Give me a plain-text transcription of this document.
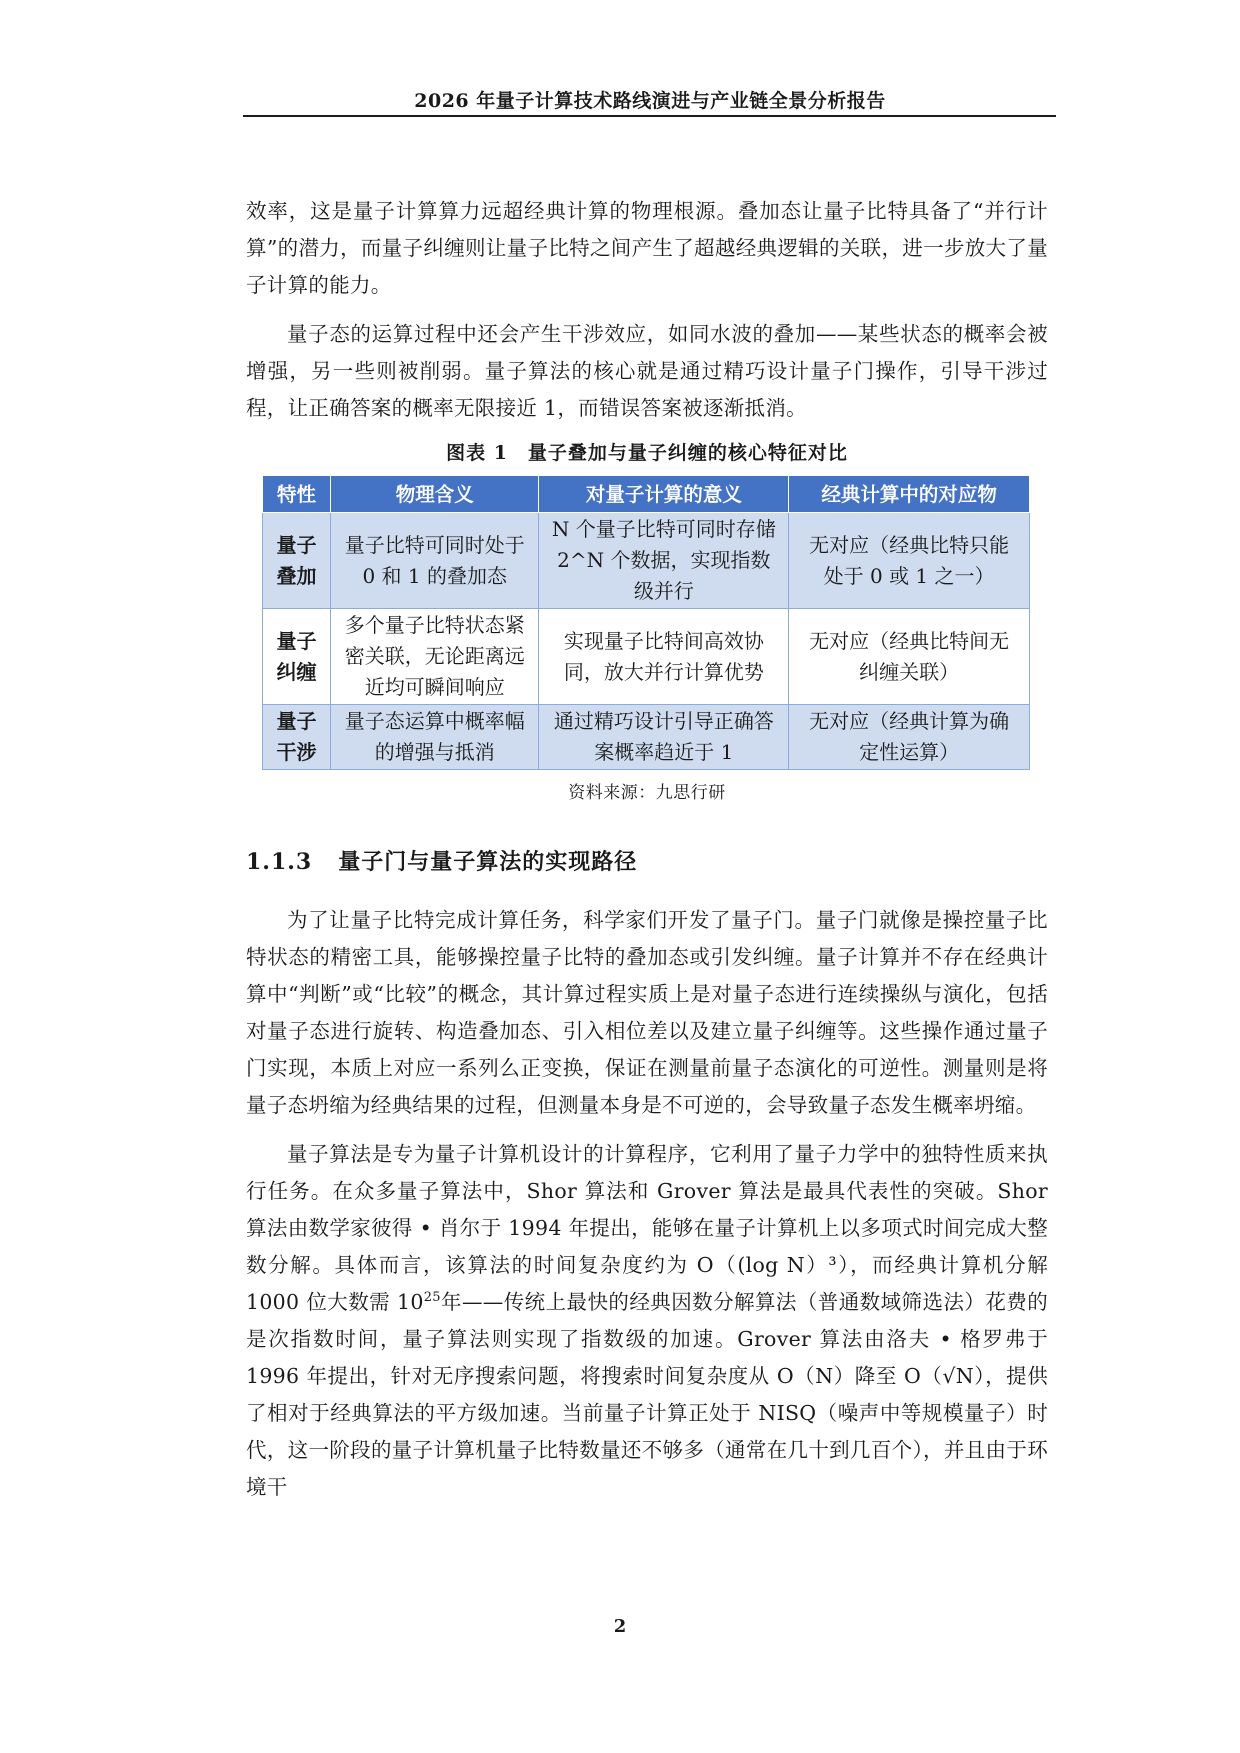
2026 年量子计算技术路线演进与产业链全景分析报告

效率，这是量子计算算力远超经典计算的物理根源。叠加态让量子比特具备了“并行计算”的潜力，而量子纠缠则让量子比特之间产生了超越经典逻辑的关联，进一步放大了量子计算的能力。

量子态的运算过程中还会产生干涉效应，如同水波的叠加——某些状态的概率会被增强，另一些则被削弱。量子算法的核心就是通过精巧设计量子门操作，引导干涉过程，让正确答案的概率无限接近 1，而错误答案被逐渐抵消。

图表 1　量子叠加与量子纠缠的核心特征对比
特性	物理含义	对量子计算的意义	经典计算中的对应物
量子叠加	量子比特可同时处于 0 和 1 的叠加态	N 个量子比特可同时存储 2^N 个数据，实现指数级并行	无对应（经典比特只能处于 0 或 1 之一）
量子纠缠	多个量子比特状态紧密关联，无论距离远近均可瞬间响应	实现量子比特间高效协同，放大并行计算优势	无对应（经典比特间无纠缠关联）
量子干涉	量子态运算中概率幅的增强与抵消	通过精巧设计引导正确答案概率趋近于 1	无对应（经典计算为确定性运算）
资料来源：九思行研
1.1.3 量子门与量子算法的实现路径

为了让量子比特完成计算任务，科学家们开发了量子门。量子门就像是操控量子比特状态的精密工具，能够操控量子比特的叠加态或引发纠缠。量子计算并不存在经典计算中“判断”或“比较”的概念，其计算过程实质上是对量子态进行连续操纵与演化，包括对量子态进行旋转、构造叠加态、引入相位差以及建立量子纠缠等。这些操作通过量子门实现，本质上对应一系列么正变换，保证在测量前量子态演化的可逆性。测量则是将量子态坍缩为经典结果的过程，但测量本身是不可逆的，会导致量子态发生概率坍缩。

量子算法是专为量子计算机设计的计算程序，它利用了量子力学中的独特性质来执行任务。在众多量子算法中，Shor 算法和 Grover 算法是最具代表性的突破。Shor 算法由数学家彼得 • 肖尔于 1994 年提出，能够在量子计算机上以多项式时间完成大整数分解。具体而言，该算法的时间复杂度约为 O（(log N）³），而经典计算机分解 1000 位大数需 $10^{25}$年——传统上最快的经典因数分解算法（普通数域筛选法）花费的是次指数时间，量子算法则实现了指数级的加速。Grover 算法由洛夫 • 格罗弗于 1996 年提出，针对无序搜索问题，将搜索时间复杂度从 O（N）降至 O（√N），提供了相对于经典算法的平方级加速。当前量子计算正处于 NISQ（噪声中等规模量子）时代，这一阶段的量子计算机量子比特数量还不够多（通常在几十到几百个），并且由于环境干

2
